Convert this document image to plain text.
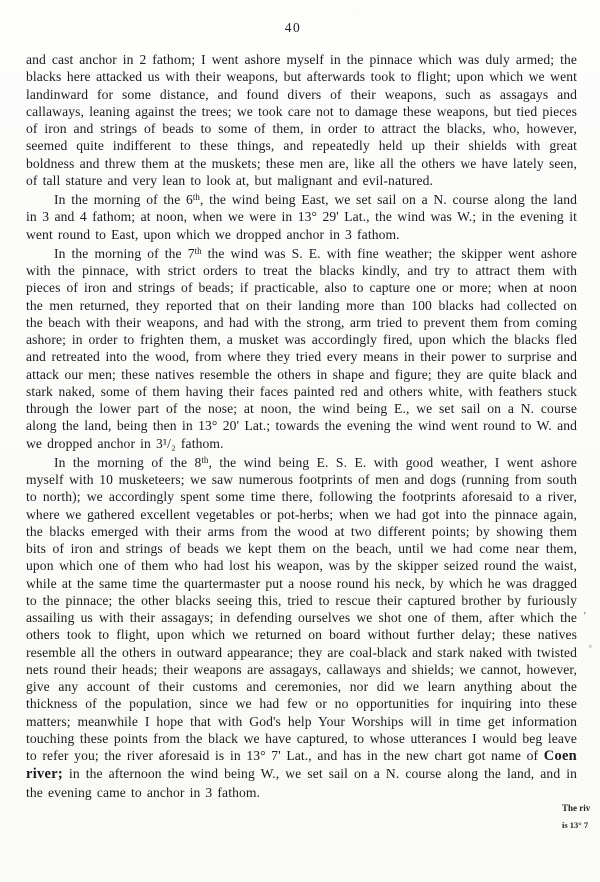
40

and cast anchor in 2 fathom; I went ashore myself in the pinnace which was duly armed; the blacks here attacked us with their weapons, but afterwards took to flight; upon which we went landinward for some distance, and found divers of their weapons, such as assagays and callaways, leaning against the trees; we took care not to damage these weapons, but tied pieces of iron and strings of beads to some of them, in order to attract the blacks, who, however, seemed quite indifferent to these things, and repeatedly held up their shields with great boldness and threw them at the muskets; these men are, like all the others we have lately seen, of tall stature and very lean to look at, but malignant and evil-natured.

In the morning of the 6th, the wind being East, we set sail on a N. course along the land in 3 and 4 fathom; at noon, when we were in 13° 29' Lat., the wind was W.; in the evening it went round to East, upon which we dropped anchor in 3 fathom.

In the morning of the 7th the wind was S. E. with fine weather; the skipper went ashore with the pinnace, with strict orders to treat the blacks kindly, and try to attract them with pieces of iron and strings of beads; if practicable, also to capture one or more; when at noon the men returned, they reported that on their landing more than 100 blacks had collected on the beach with their weapons, and had with the strong, arm tried to prevent them from coming ashore; in order to frighten them, a musket was accordingly fired, upon which the blacks fled and retreated into the wood, from where they tried every means in their power to surprise and attack our men; these natives resemble the others in shape and figure; they are quite black and stark naked, some of them having their faces painted red and others white, with feathers stuck through the lower part of the nose; at noon, the wind being E., we set sail on a N. course along the land, being then in 13° 20' Lat.; towards the evening the wind went round to W. and we dropped anchor in 3¹/₂ fathom.

In the morning of the 8th, the wind being E. S. E. with good weather, I went ashore myself with 10 musketeers; we saw numerous footprints of men and dogs (running from south to north); we accordingly spent some time there, following the footprints aforesaid to a river, where we gathered excellent vegetables or pot-herbs; when we had got into the pinnace again, the blacks emerged with their arms from the wood at two different points; by showing them bits of iron and strings of beads we kept them on the beach, until we had come near them, upon which one of them who had lost his weapon, was by the skipper seized round the waist, while at the same time the quartermaster put a noose round his neck, by which he was dragged to the pinnace; the other blacks seeing this, tried to rescue their captured brother by furiously assailing us with their assagays; in defending ourselves we shot one of them, after which the others took to flight, upon which we returned on board without further delay; these natives resemble all the others in outward appearance; they are coal-black and stark naked with twisted nets round their heads; their weapons are assagays, callaways and shields; we cannot, however, give any account of their customs and ceremonies, nor did we learn anything about the thickness of the population, since we had few or no opportunities for inquiring into these matters; meanwhile I hope that with God's help Your Worships will in time get information touching these points from the black we have captured, to whose utterances I would beg leave to refer you; the river aforesaid is in 13° 7' Lat., and has in the new chart got name of Coen river; in the afternoon the wind being W., we set sail on a N. course along the land, and in the evening came to anchor in 3 fathom.

The riv
is 13° 7
’
×
·
